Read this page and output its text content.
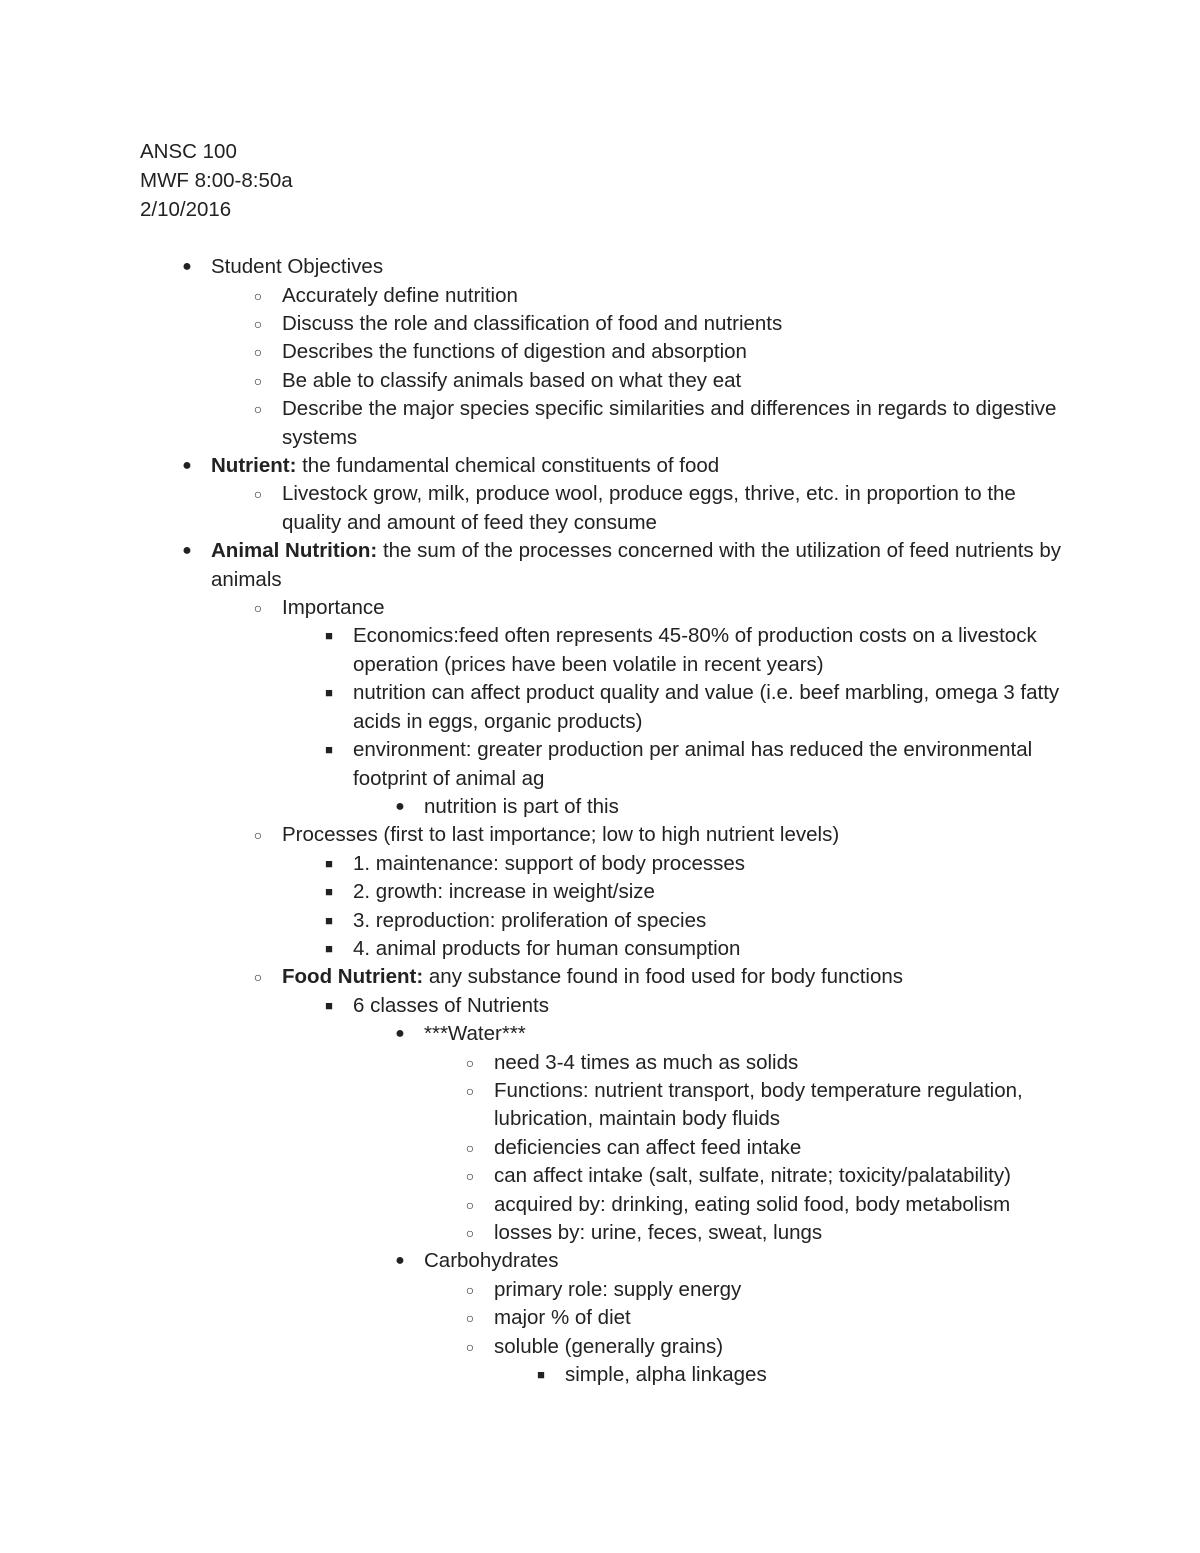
ANSC 100
MWF 8:00-8:50a
2/10/2016
● Student Objectives
○ Accurately define nutrition
○ Discuss the role and classification of food and nutrients
○ Describes the functions of digestion and absorption
○ Be able to classify animals based on what they eat
○ Describe the major species specific similarities and differences in regards to digestive systems
● Nutrient: the fundamental chemical constituents of food
○ Livestock grow, milk, produce wool, produce eggs, thrive, etc. in proportion to the quality and amount of feed they consume
● Animal Nutrition: the sum of the processes concerned with the utilization of feed nutrients by animals
○ Importance
■ Economics:feed often represents 45-80% of production costs on a livestock operation (prices have been volatile in recent years)
■ nutrition can affect product quality and value (i.e. beef marbling, omega 3 fatty acids in eggs, organic products)
■ environment: greater production per animal has reduced the environmental footprint of animal ag
● nutrition is part of this
○ Processes (first to last importance; low to high nutrient levels)
■ 1. maintenance: support of body processes
■ 2. growth: increase in weight/size
■ 3. reproduction: proliferation of species
■ 4. animal products for human consumption
○ Food Nutrient: any substance found in food used for body functions
■ 6 classes of Nutrients
● ***Water***
○ need 3-4 times as much as solids
○ Functions: nutrient transport, body temperature regulation, lubrication, maintain body fluids
○ deficiencies can affect feed intake
○ can affect intake (salt, sulfate, nitrate; toxicity/palatability)
○ acquired by: drinking, eating solid food, body metabolism
○ losses by: urine, feces, sweat, lungs
● Carbohydrates
○ primary role: supply energy
○ major % of diet
○ soluble (generally grains)
■ simple, alpha linkages
